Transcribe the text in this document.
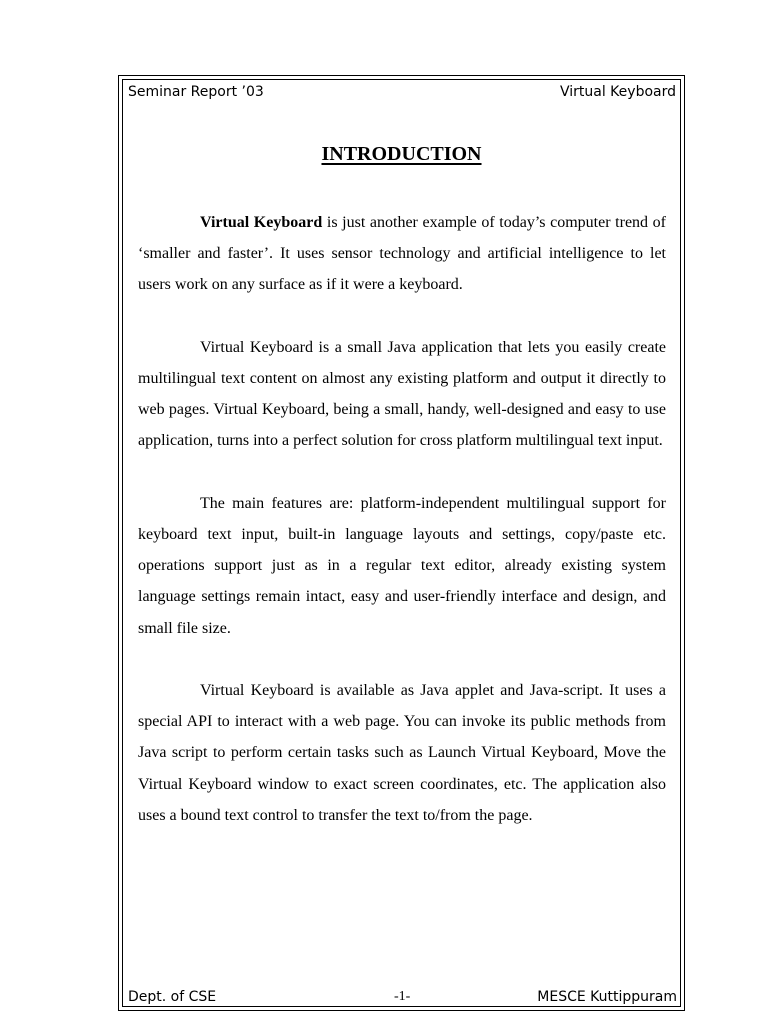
Seminar Report ’03	Virtual Keyboard
INTRODUCTION

Virtual Keyboard is just another example of today’s computer trend of ‘smaller and faster’. It uses sensor technology and artificial intelligence to let users work on any surface as if it were a keyboard.

Virtual Keyboard is a small Java application that lets you easily create multilingual text content on almost any existing platform and output it directly to web pages. Virtual Keyboard, being a small, handy, well-designed and easy to use application, turns into a perfect solution for cross platform multilingual text input.

The main features are: platform-independent multilingual support for keyboard text input, built-in language layouts and settings, copy/paste etc. operations support just as in a regular text editor, already existing system language settings remain intact, easy and user-friendly interface and design, and small file size.

Virtual Keyboard is available as Java applet and Java-script. It uses a special API to interact with a web page. You can invoke its public methods from Java script to perform certain tasks such as Launch Virtual Keyboard, Move the Virtual Keyboard window to exact screen coordinates, etc. The application also uses a bound text control to transfer the text to/from the page.

Dept. of CSE	-1-	MESCE Kuttippuram
